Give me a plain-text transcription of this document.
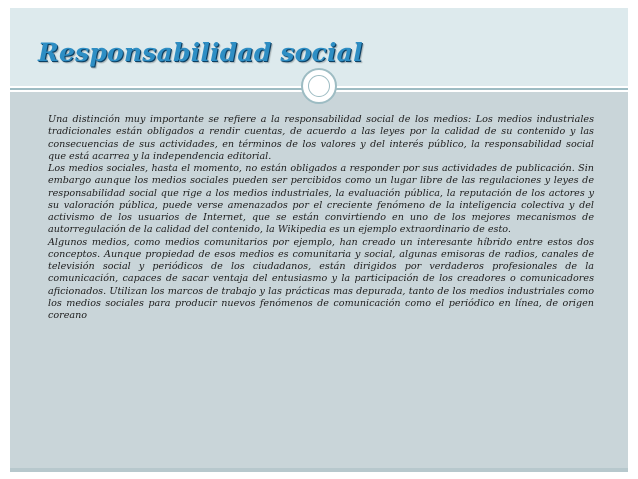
Responsabilidad social

Una distinción muy importante se refiere a la responsabilidad social de los medios: Los medios industriales tradicionales están obligados a rendir cuentas, de acuerdo a las leyes por la calidad de su contenido y las consecuencias de sus actividades, en términos de los valores y del interés público, la responsabilidad social que está acarrea y la independencia editorial.

Los medios sociales, hasta el momento, no están obligados a responder por sus actividades de publicación. Sin embargo aunque los medios sociales pueden ser percibidos como un lugar libre de las regulaciones y leyes de responsabilidad social que rige a los medios industriales, la evaluación pública, la reputación de los actores y su valoración pública, puede verse amenazados por el creciente fenómeno de la inteligencia colectiva y del activismo de los usuarios de Internet, que se están convirtiendo en uno de los mejores mecanismos de autorregulación de la calidad del contenido, la Wikipedia es un ejemplo extraordinario de esto.

Algunos medios, como medios comunitarios por ejemplo, han creado un interesante híbrido entre estos dos conceptos. Aunque propiedad de esos medios es comunitaria y social, algunas emisoras de radios, canales de televisión social y periódicos de los ciudadanos, están dirigidos por verdaderos profesionales de la comunicación, capaces de sacar ventaja del entusiasmo y la participación de los creadores o comunicadores aficionados. Utilizan los marcos de trabajo y las prácticas mas depurada, tanto de los medios industriales como los medios sociales para producir nuevos fenómenos de comunicación como el periódico en línea, de origen coreano
